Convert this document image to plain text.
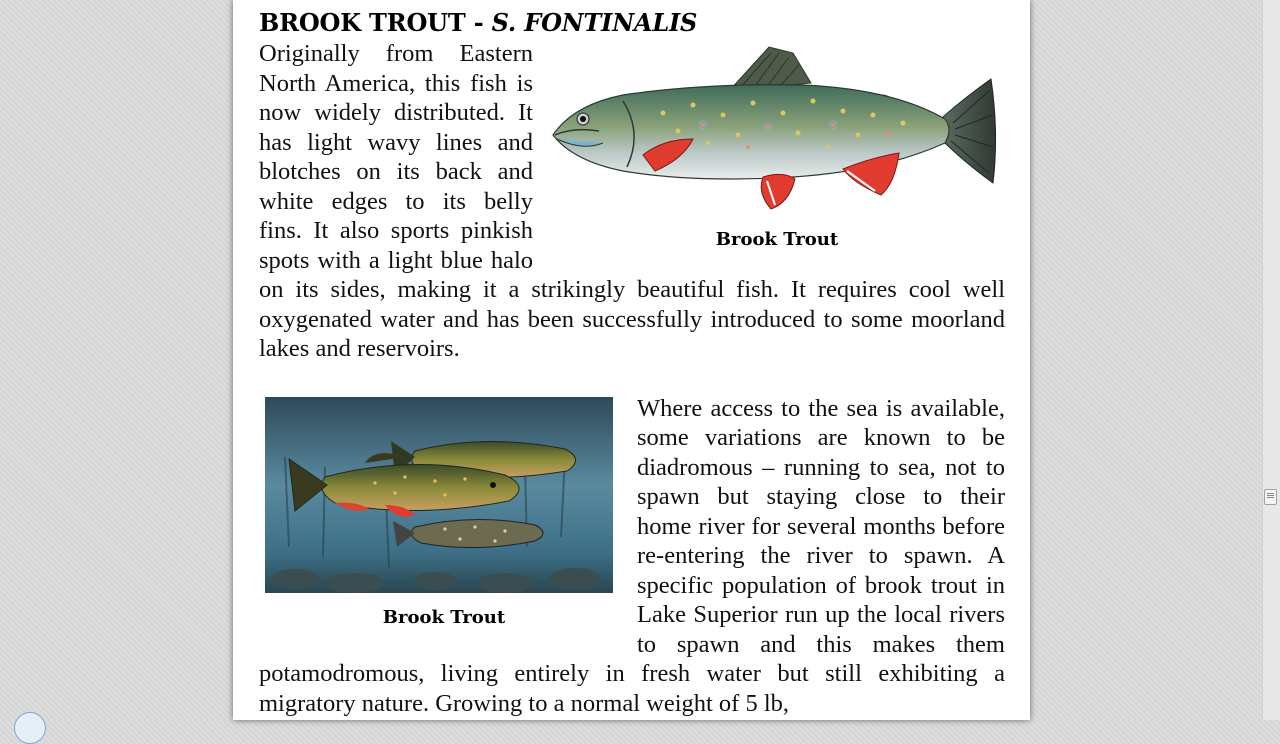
BROOK TROUT - S. FONTINALIS
Brook Trout

Originally from Eastern North America, this fish is now widely distributed. It has light wavy lines and blotches on its back and white edges to its belly fins. It also sports pinkish spots with a light blue halo on its sides, making it a strikingly beautiful fish. It requires cool well oxygenated water and has been successfully introduced to some moorland lakes and reservoirs.

Brook Trout

Where access to the sea is available, some variations are known to be diadromous – running to sea, not to spawn but staying close to their home river for several months before re-entering the river to spawn. A specific population of brook trout in Lake Superior run up the local rivers to spawn and this makes them potamodromous, living entirely in fresh water but still exhibiting a migratory nature. Growing to a normal weight of 5 lb,
